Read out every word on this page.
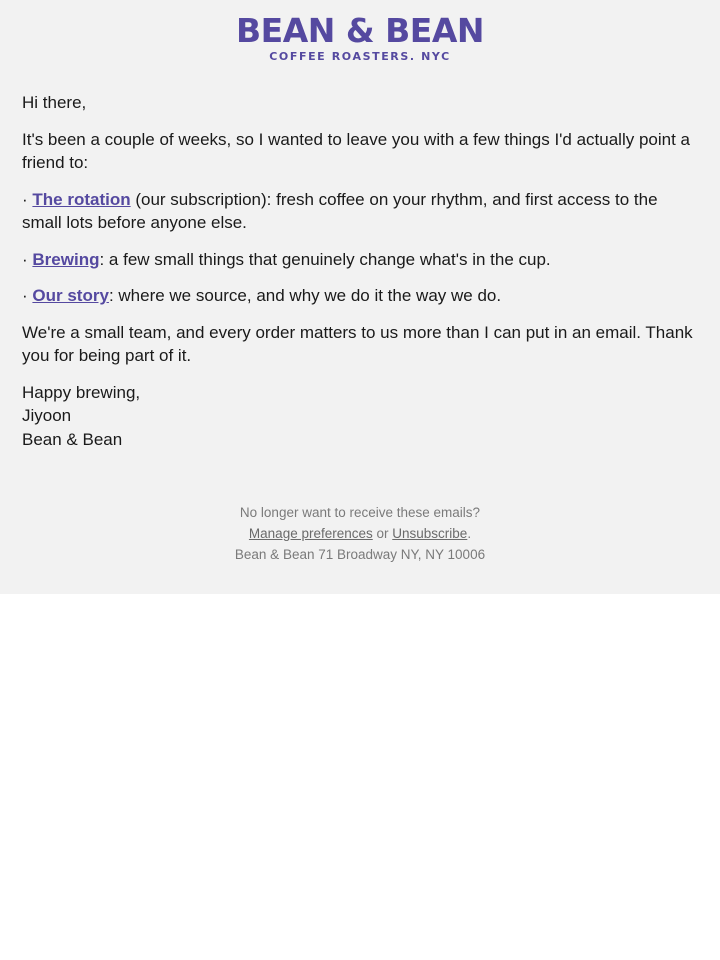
BEAN & BEAN
COFFEE ROASTERS. NYC

Hi there,

It's been a couple of weeks, so I wanted to leave you with a few things I'd actually point a friend to:

· The rotation (our subscription): fresh coffee on your rhythm, and first access to the small lots before anyone else.

· Brewing: a few small things that genuinely change what's in the cup.

· Our story: where we source, and why we do it the way we do.

We're a small team, and every order matters to us more than I can put in an email. Thank you for being part of it.

Happy brewing,
Jiyoon
Bean & Bean

No longer want to receive these emails?
Manage preferences or Unsubscribe.
Bean & Bean 71 Broadway NY, NY 10006
